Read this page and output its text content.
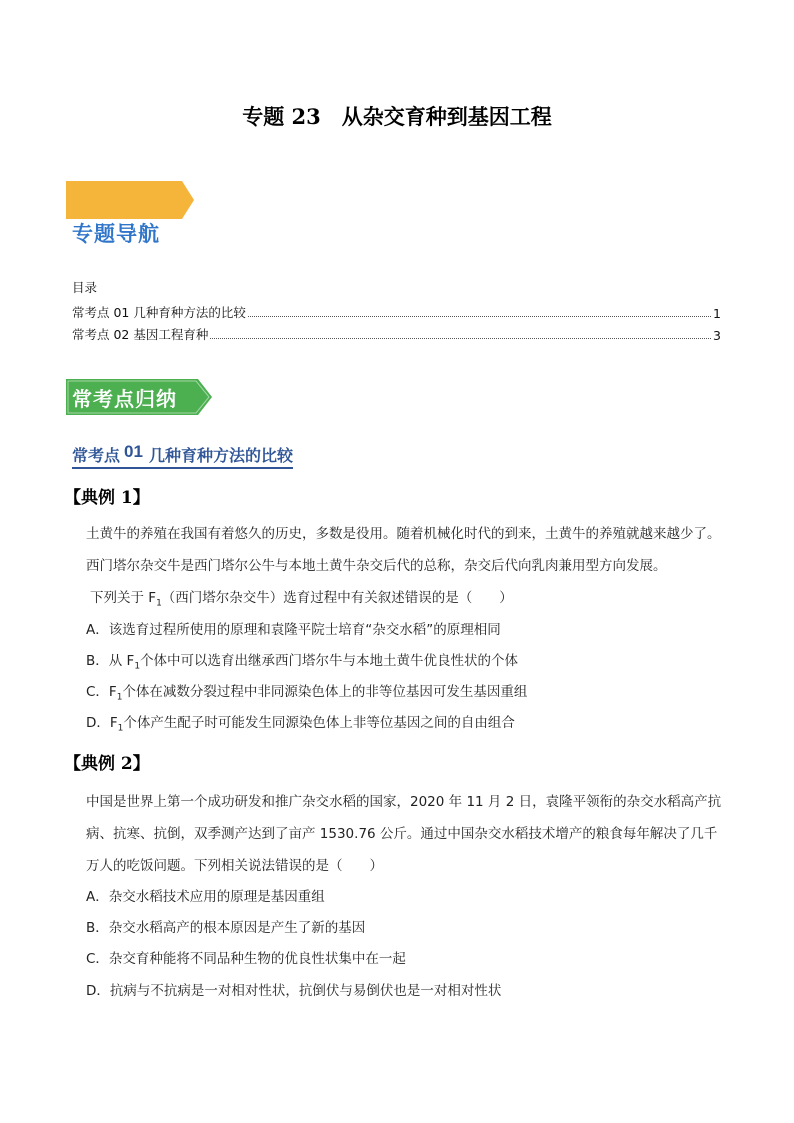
专题 23　从杂交育种到基因工程
专题导航
目录
常考点 01 几种育种方法的比较	1
常考点 02 基因工程育种	3
常考点归纳
常考点 01 几种育种方法的比较
【典例 1】
土黄牛的养殖在我国有着悠久的历史，多数是役用。随着机械化时代的到来，土黄牛的养殖就越来越少了。西门塔尔杂交牛是西门塔尔公牛与本地土黄牛杂交后代的总称，杂交后代向乳肉兼用型方向发展。
下列关于 $F_1$（西门塔尔杂交牛）选育过程中有关叙述错误的是（　　）
A．该选育过程所使用的原理和袁隆平院士培育“杂交水稻”的原理相同
B．从 $F_1$个体中可以选育出继承西门塔尔牛与本地土黄牛优良性状的个体
C．$F_1$个体在减数分裂过程中非同源染色体上的非等位基因可发生基因重组
D．$F_1$个体产生配子时可能发生同源染色体上非等位基因之间的自由组合
【典例 2】
中国是世界上第一个成功研发和推广杂交水稻的国家，2020 年 11 月 2 日，袁隆平领衔的杂交水稻高产抗病、抗寒、抗倒，双季测产达到了亩产 1530.76 公斤。通过中国杂交水稻技术增产的粮食每年解决了几千万人的吃饭问题。下列相关说法错误的是（　　）
A．杂交水稻技术应用的原理是基因重组
B．杂交水稻高产的根本原因是产生了新的基因
C．杂交育种能将不同品种生物的优良性状集中在一起
D．抗病与不抗病是一对相对性状，抗倒伏与易倒伏也是一对相对性状
